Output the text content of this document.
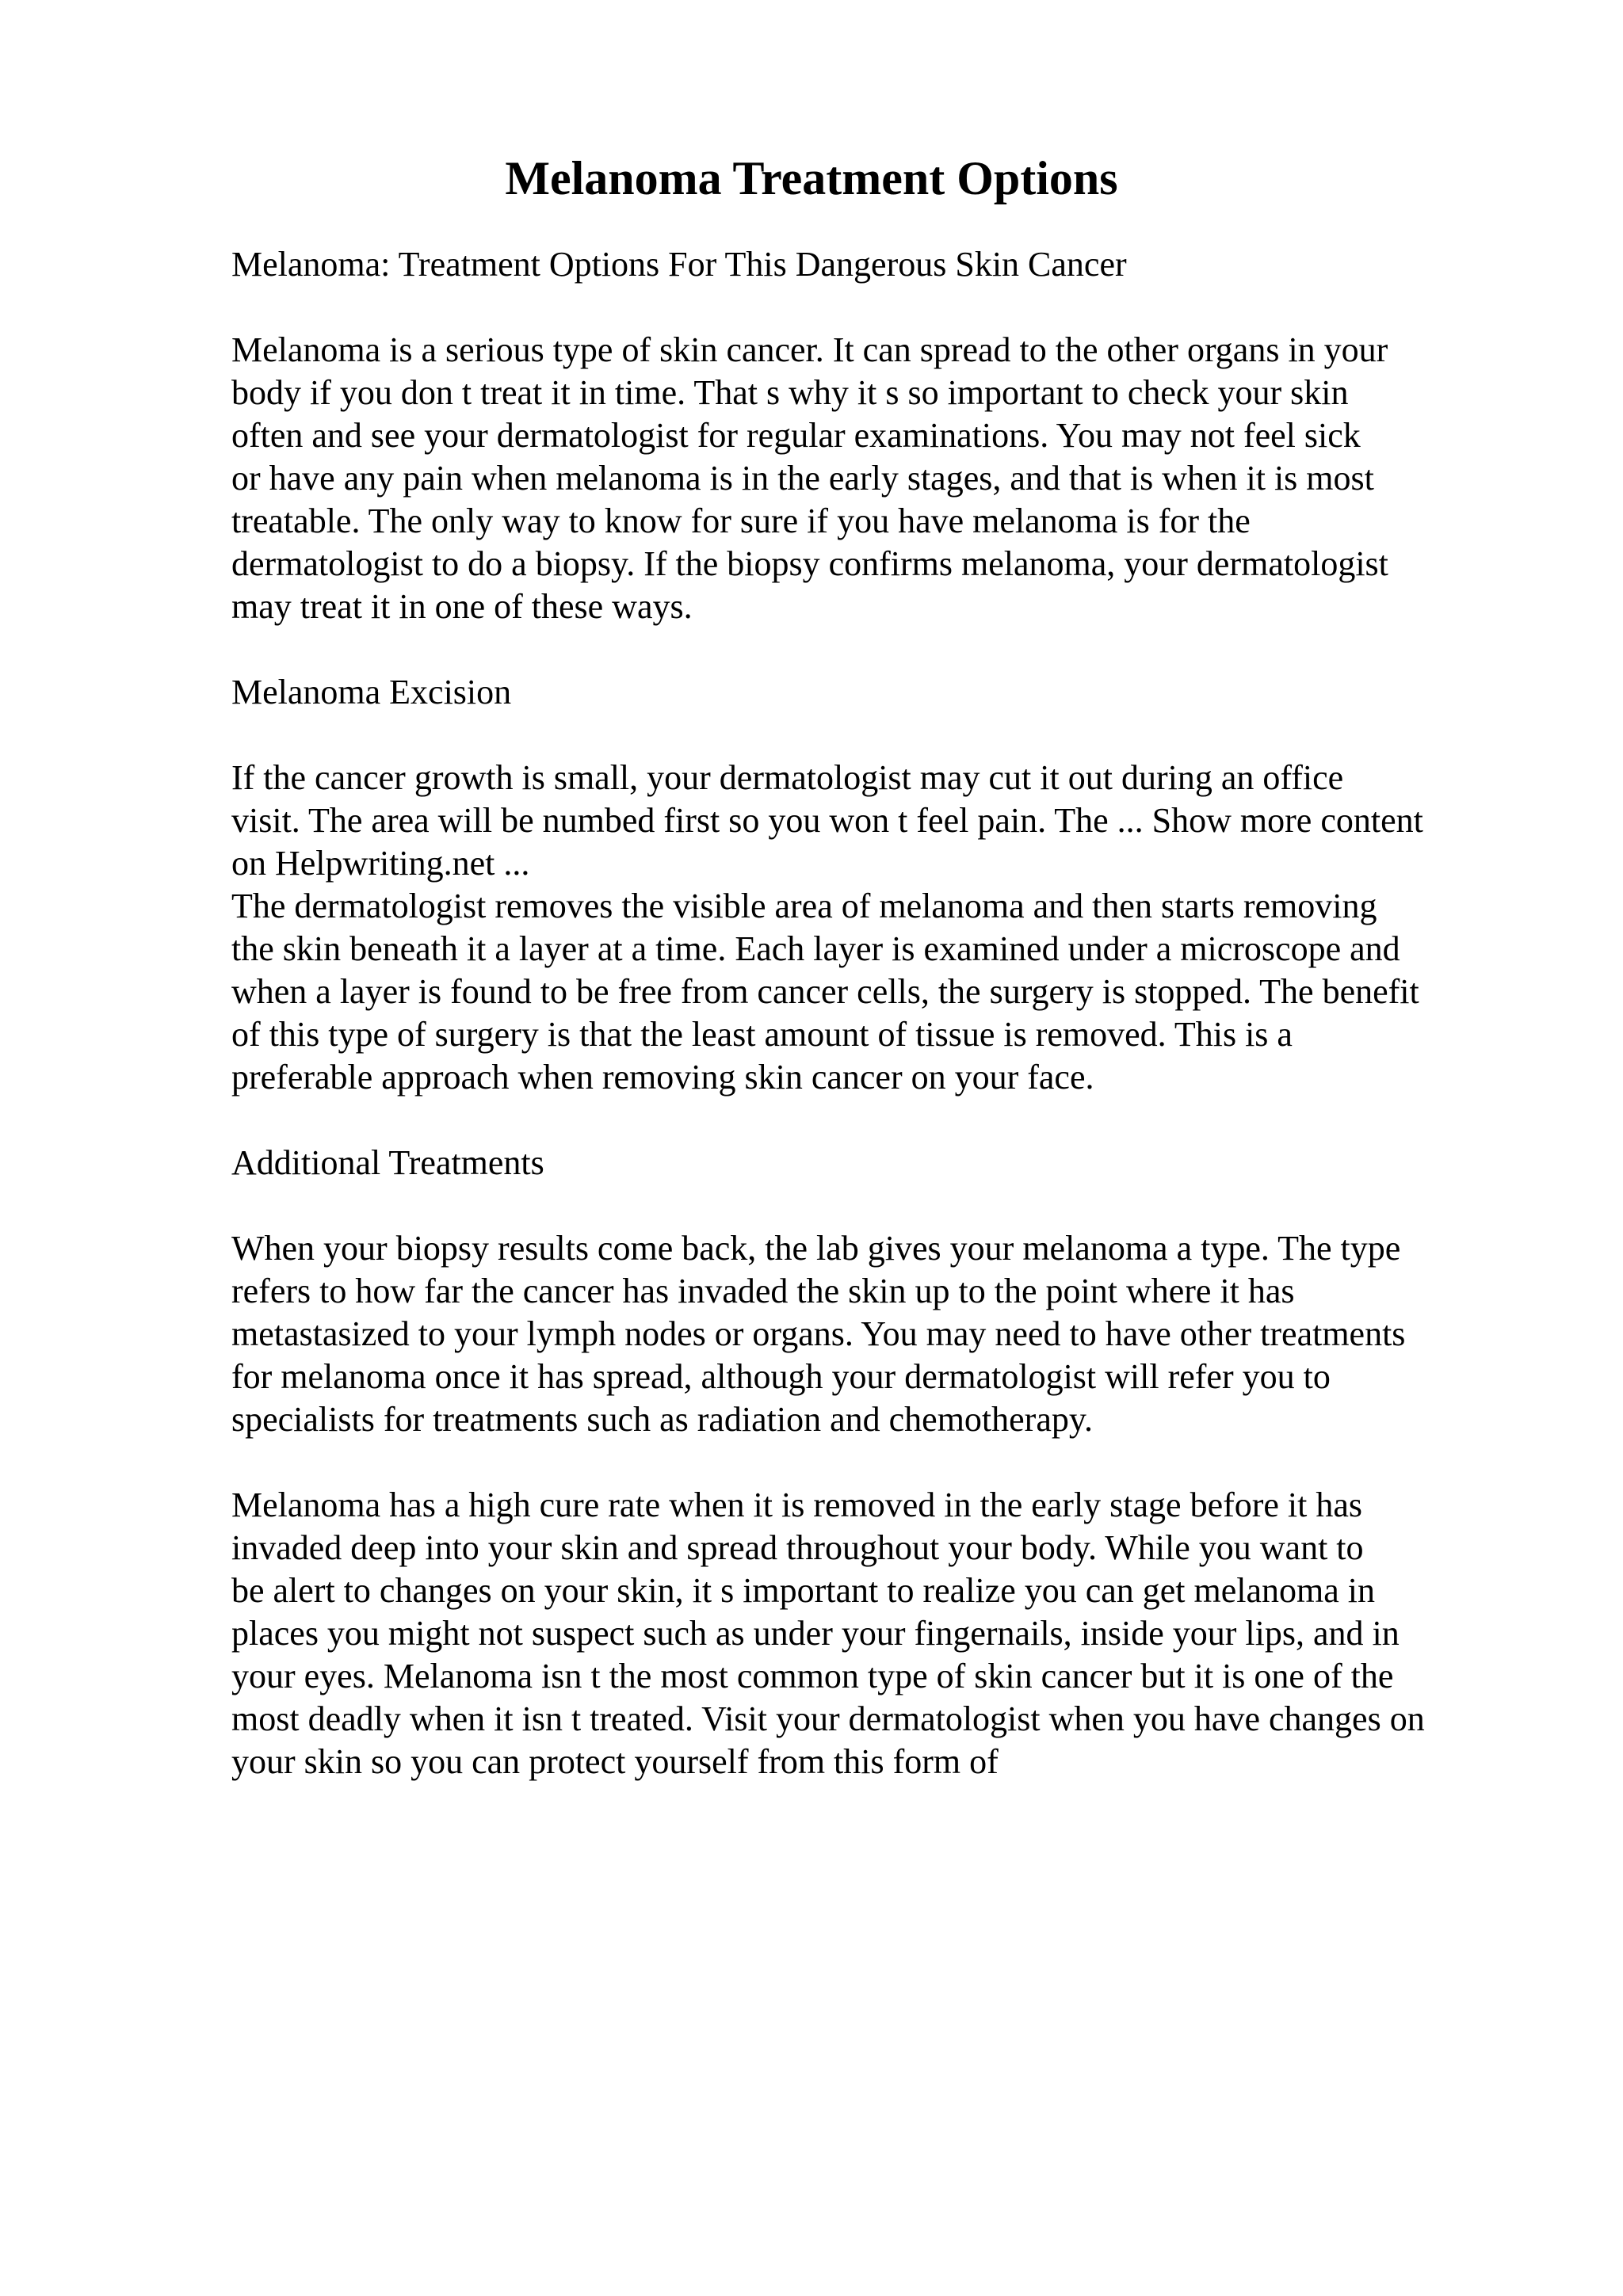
Melanoma Treatment Options

Melanoma: Treatment Options For This Dangerous Skin Cancer

Melanoma is a serious type of skin cancer. It can spread to the other organs in your
body if you don t treat it in time. That s why it s so important to check your skin
often and see your dermatologist for regular examinations. You may not feel sick
or have any pain when melanoma is in the early stages, and that is when it is most
treatable. The only way to know for sure if you have melanoma is for the
dermatologist to do a biopsy. If the biopsy confirms melanoma, your dermatologist
may treat it in one of these ways.

Melanoma Excision

If the cancer growth is small, your dermatologist may cut it out during an office
visit. The area will be numbed first so you won t feel pain. The ... Show more content
on Helpwriting.net ...

The dermatologist removes the visible area of melanoma and then starts removing
the skin beneath it a layer at a time. Each layer is examined under a microscope and
when a layer is found to be free from cancer cells, the surgery is stopped. The benefit
of this type of surgery is that the least amount of tissue is removed. This is a
preferable approach when removing skin cancer on your face.

Additional Treatments

When your biopsy results come back, the lab gives your melanoma a type. The type
refers to how far the cancer has invaded the skin up to the point where it has
metastasized to your lymph nodes or organs. You may need to have other treatments
for melanoma once it has spread, although your dermatologist will refer you to
specialists for treatments such as radiation and chemotherapy.

Melanoma has a high cure rate when it is removed in the early stage before it has
invaded deep into your skin and spread throughout your body. While you want to
be alert to changes on your skin, it s important to realize you can get melanoma in
places you might not suspect such as under your fingernails, inside your lips, and in
your eyes. Melanoma isn t the most common type of skin cancer but it is one of the
most deadly when it isn t treated. Visit your dermatologist when you have changes on
your skin so you can protect yourself from this form of
